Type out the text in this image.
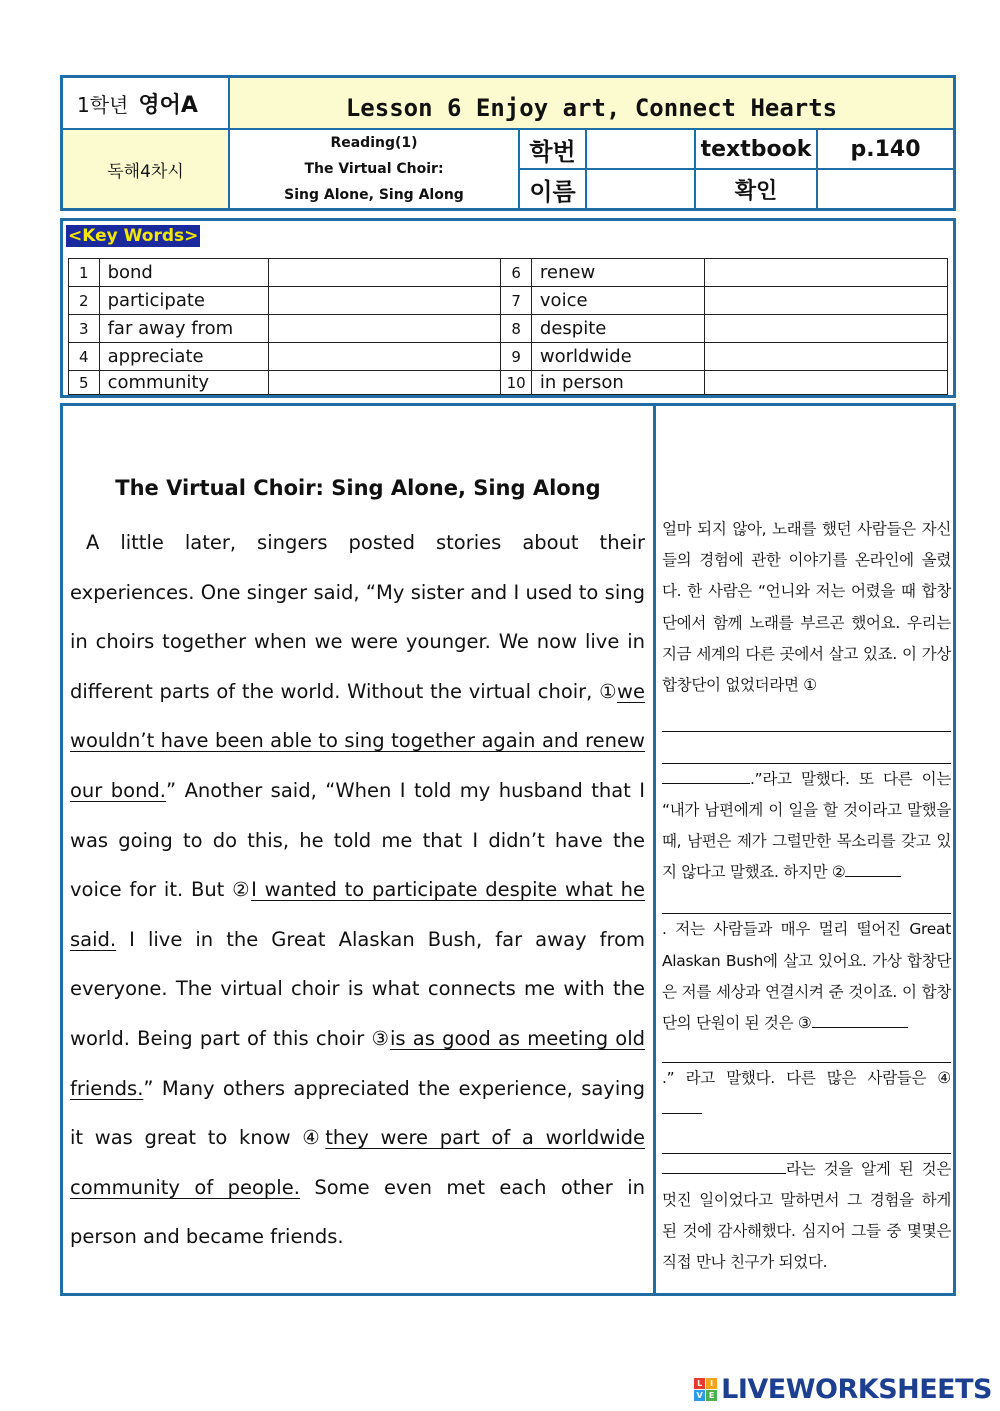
1학년 영어A	Lesson 6 Enjoy art, Connect Hearts
독해4차시
Reading(1)
The Virtual Choir:
Sing Alone, Sing Along
학번	textbook	p.140
이름	확인
<Key Words>
1	bond		6	renew	
2	participate		7	voice	
3	far away from		8	despite	
4	appreciate		9	worldwide	
5	community		10	in person	
The Virtual Choir: Sing Alone, Sing Along
A little later, singers posted stories about their experiences. One singer said, “My sister and I used to sing in choirs together when we were younger. We now live in different parts of the world. Without the virtual choir, ①we wouldn’t have been able to sing together again and renew our bond.” Another said, “When I told my husband that I was going to do this, he told me that I didn’t have the voice for it. But ②I wanted to participate despite what he said. I live in the Great Alaskan Bush, far away from everyone. The virtual choir is what connects me with the world. Being part of this choir ③is as good as meeting old friends.” Many others appreciated the experience, saying it was great to know ④they were part of a worldwide community of people. Some even met each other in person and became friends.
얼마 되지 않아, 노래를 했던 사람들은 자신들의 경험에 관한 이야기를 온라인에 올렸다. 한 사람은 “언니와 저는 어렸을 때 합창단에서 함께 노래를 부르곤 했어요. 우리는 지금 세계의 다른 곳에서 살고 있죠. 이 가상 합창단이 없었더라면 ①
.”라고 말했다. 또 다른 이는 “내가 남편에게 이 일을 할 것이라고 말했을 때, 남편은 제가 그럴만한 목소리를 갖고 있지 않다고 말했죠. 하지만 ②
. 저는 사람들과 매우 멀리 떨어진 Great Alaskan Bush에 살고 있어요. 가상 합창단은 저를 세상과 연결시켜 준 것이죠. 이 합창단의 단원이 된 것은 ③
.” 라고 말했다. 다른 많은 사람들은 ④
라는 것을 알게 된 것은 멋진 일이었다고 말하면서 그 경험을 하게 된 것에 감사해했다. 심지어 그들 중 몇몇은 직접 만나 친구가 되었다.
L I
V E LIVEWORKSHEETS
